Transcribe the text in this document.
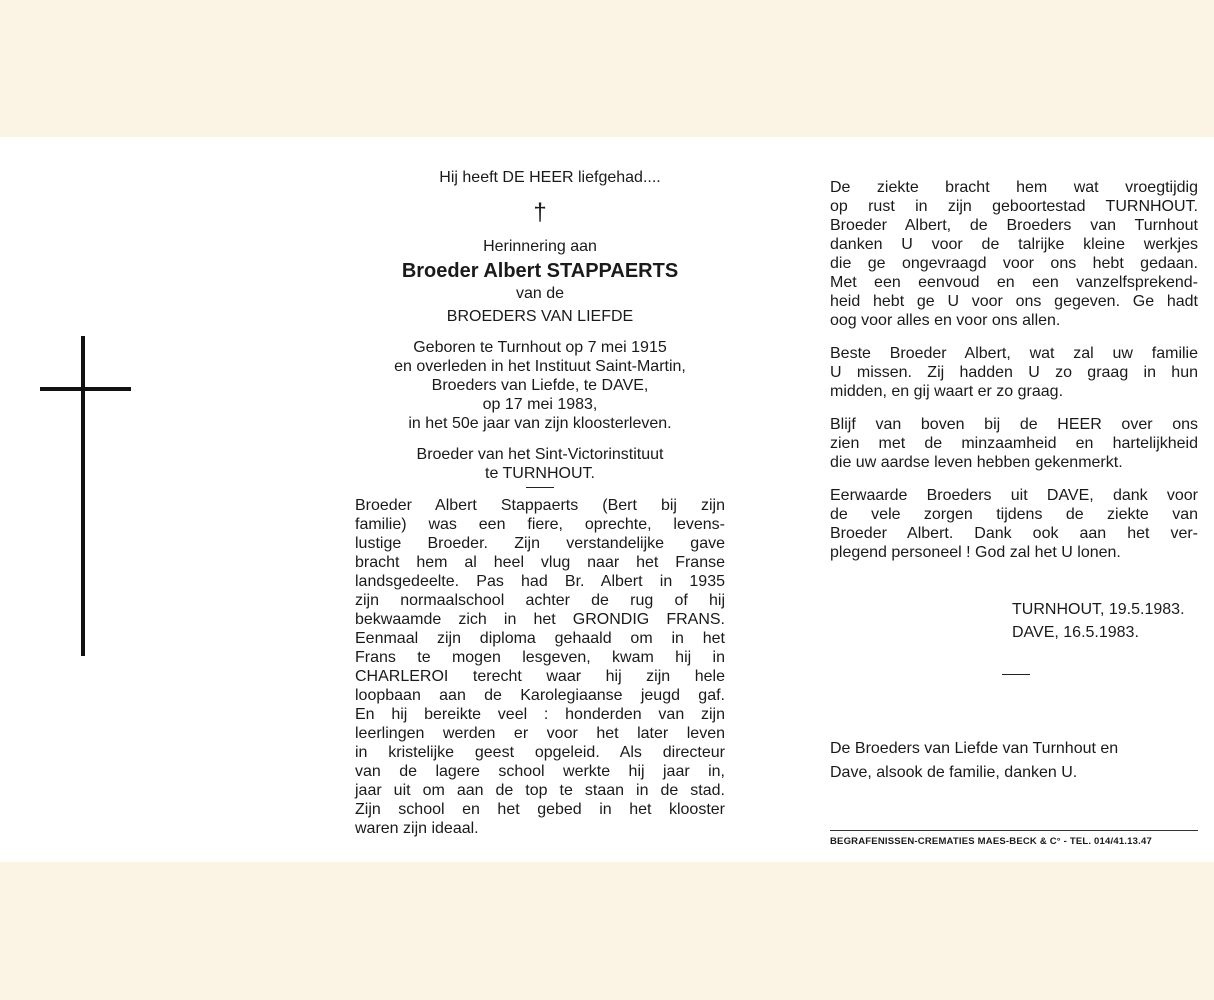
Hij heeft DE HEER liefgehad....
†
Herinnering aan
Broeder Albert STAPPAERTS
van de
BROEDERS VAN LIEFDE
Geboren te Turnhout op 7 mei 1915
en overleden in het Instituut Saint-Martin,
Broeders van Liefde, te DAVE,
op 17 mei 1983,
in het 50e jaar van zijn kloosterleven.
Broeder van het Sint-Victorinstituut
te TURNHOUT.
Broeder Albert Stappaerts (Bert bij zijn
familie) was een fiere, oprechte, levens-
lustige Broeder. Zijn verstandelijke gave
bracht hem al heel vlug naar het Franse
landsgedeelte. Pas had Br. Albert in 1935
zijn normaalschool achter de rug of hij
bekwaamde zich in het GRONDIG FRANS.
Eenmaal zijn diploma gehaald om in het
Frans te mogen lesgeven, kwam hij in
CHARLEROI terecht waar hij zijn hele
loopbaan aan de Karolegiaanse jeugd gaf.
En hij bereikte veel : honderden van zijn
leerlingen werden er voor het later leven
in kristelijke geest opgeleid. Als directeur
van de lagere school werkte hij jaar in,
jaar uit om aan de top te staan in de stad.
Zijn school en het gebed in het klooster
waren zijn ideaal.
De ziekte bracht hem wat vroegtijdig
op rust in zijn geboortestad TURNHOUT.
Broeder Albert, de Broeders van Turnhout
danken U voor de talrijke kleine werkjes
die ge ongevraagd voor ons hebt gedaan.
Met een eenvoud en een vanzelfsprekend-
heid hebt ge U voor ons gegeven. Ge hadt
oog voor alles en voor ons allen.
Beste Broeder Albert, wat zal uw familie
U missen. Zij hadden U zo graag in hun
midden, en gij waart er zo graag.
Blijf van boven bij de HEER over ons
zien met de minzaamheid en hartelijkheid
die uw aardse leven hebben gekenmerkt.
Eerwaarde Broeders uit DAVE, dank voor
de vele zorgen tijdens de ziekte van
Broeder Albert. Dank ook aan het ver-
plegend personeel ! God zal het U lonen.
TURNHOUT, 19.5.1983.
DAVE, 16.5.1983.
De Broeders van Liefde van Turnhout en
Dave, alsook de familie, danken U.
BEGRAFENISSEN-CREMATIES MAES-BECK & C° - TEL. 014/41.13.47
